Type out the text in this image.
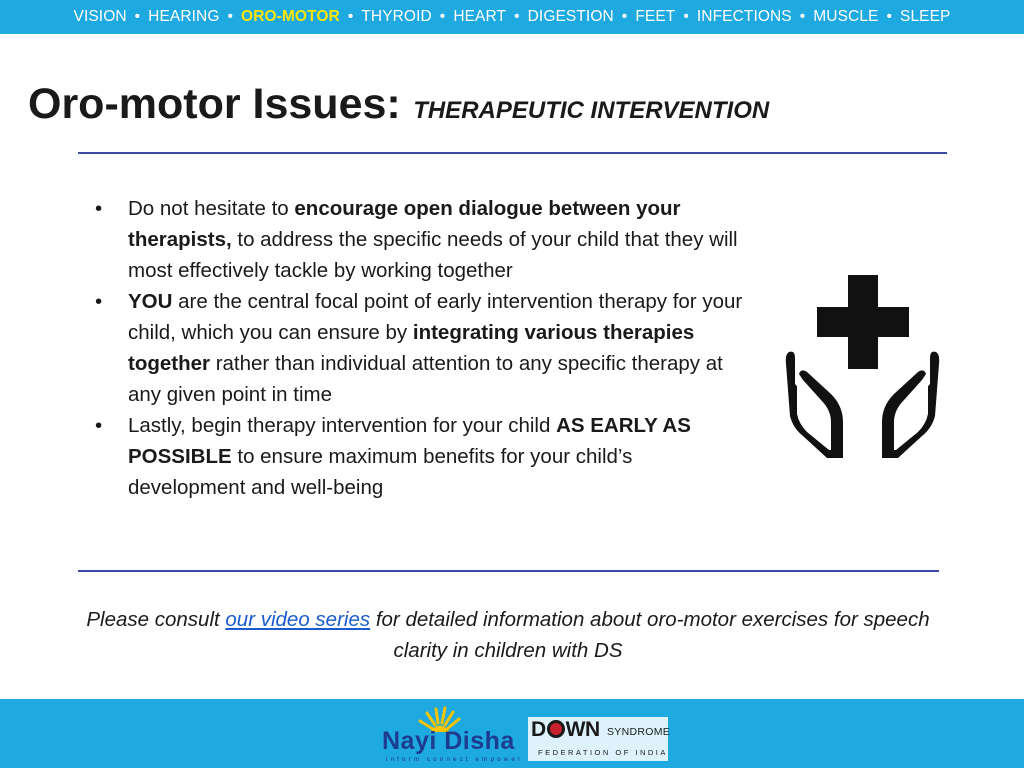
VISION • HEARING • ORO-MOTOR • THYROID • HEART • DIGESTION • FEET • INFECTIONS • MUSCLE • SLEEP
Oro-motor Issues: THERAPEUTIC INTERVENTION
• Do not hesitate to encourage open dialogue between your therapists, to address the specific needs of your child that they will most effectively tackle by working together
• YOU are the central focal point of early intervention therapy for your child, which you can ensure by integrating various therapies together rather than individual attention to any specific therapy at any given point in time
• Lastly, begin therapy intervention for your child AS EARLY AS POSSIBLE to ensure maximum benefits for your child’s development and well-being

Please consult our video series for detailed information about oro-motor exercises for speech clarity in children with DS

Nayi Disha
inform connect empower
D WN SYNDROME
FEDERATION OF INDIA
